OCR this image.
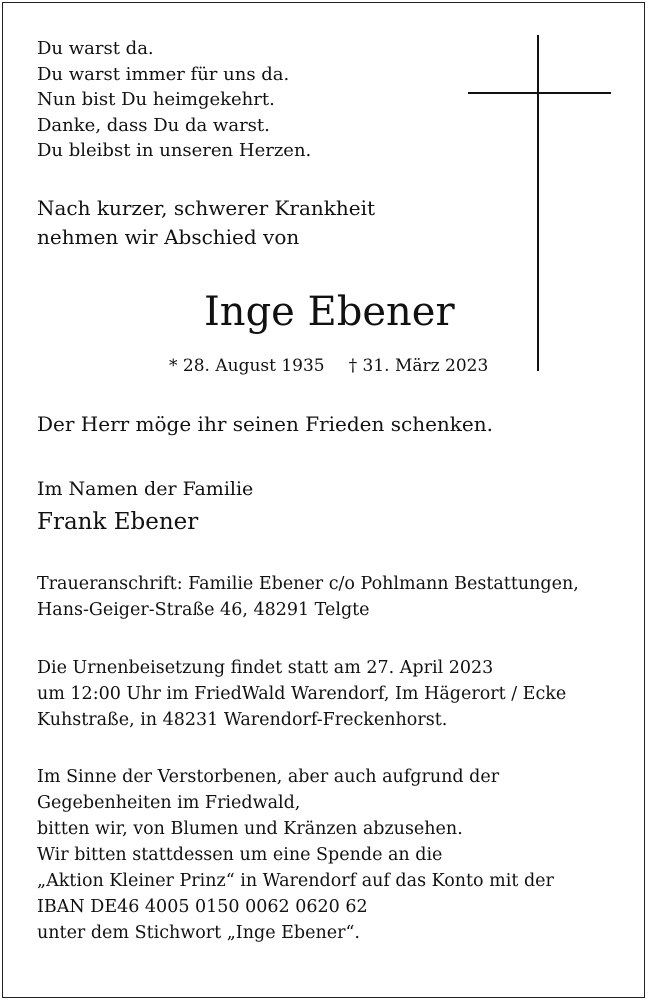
Du warst da.
Du warst immer für uns da.
Nun bist Du heimgekehrt.
Danke, dass Du da warst.
Du bleibst in unseren Herzen.
Nach kurzer, schwerer Krankheit
nehmen wir Abschied von
Inge Ebener
* 28. August 1935 † 31. März 2023
Der Herr möge ihr seinen Frieden schenken.
Im Namen der Familie
Frank Ebener
Traueranschrift: Familie Ebener c/o Pohlmann Bestattungen,
Hans-Geiger-Straße 46, 48291 Telgte
Die Urnenbeisetzung findet statt am 27. April 2023
um 12:00 Uhr im FriedWald Warendorf, Im Hägerort / Ecke
Kuhstraße, in 48231 Warendorf-Freckenhorst.
Im Sinne der Verstorbenen, aber auch aufgrund der
Gegebenheiten im Friedwald,
bitten wir, von Blumen und Kränzen abzusehen.
Wir bitten stattdessen um eine Spende an die
„Aktion Kleiner Prinz“ in Warendorf auf das Konto mit der
IBAN DE46 4005 0150 0062 0620 62
unter dem Stichwort „Inge Ebener“.
